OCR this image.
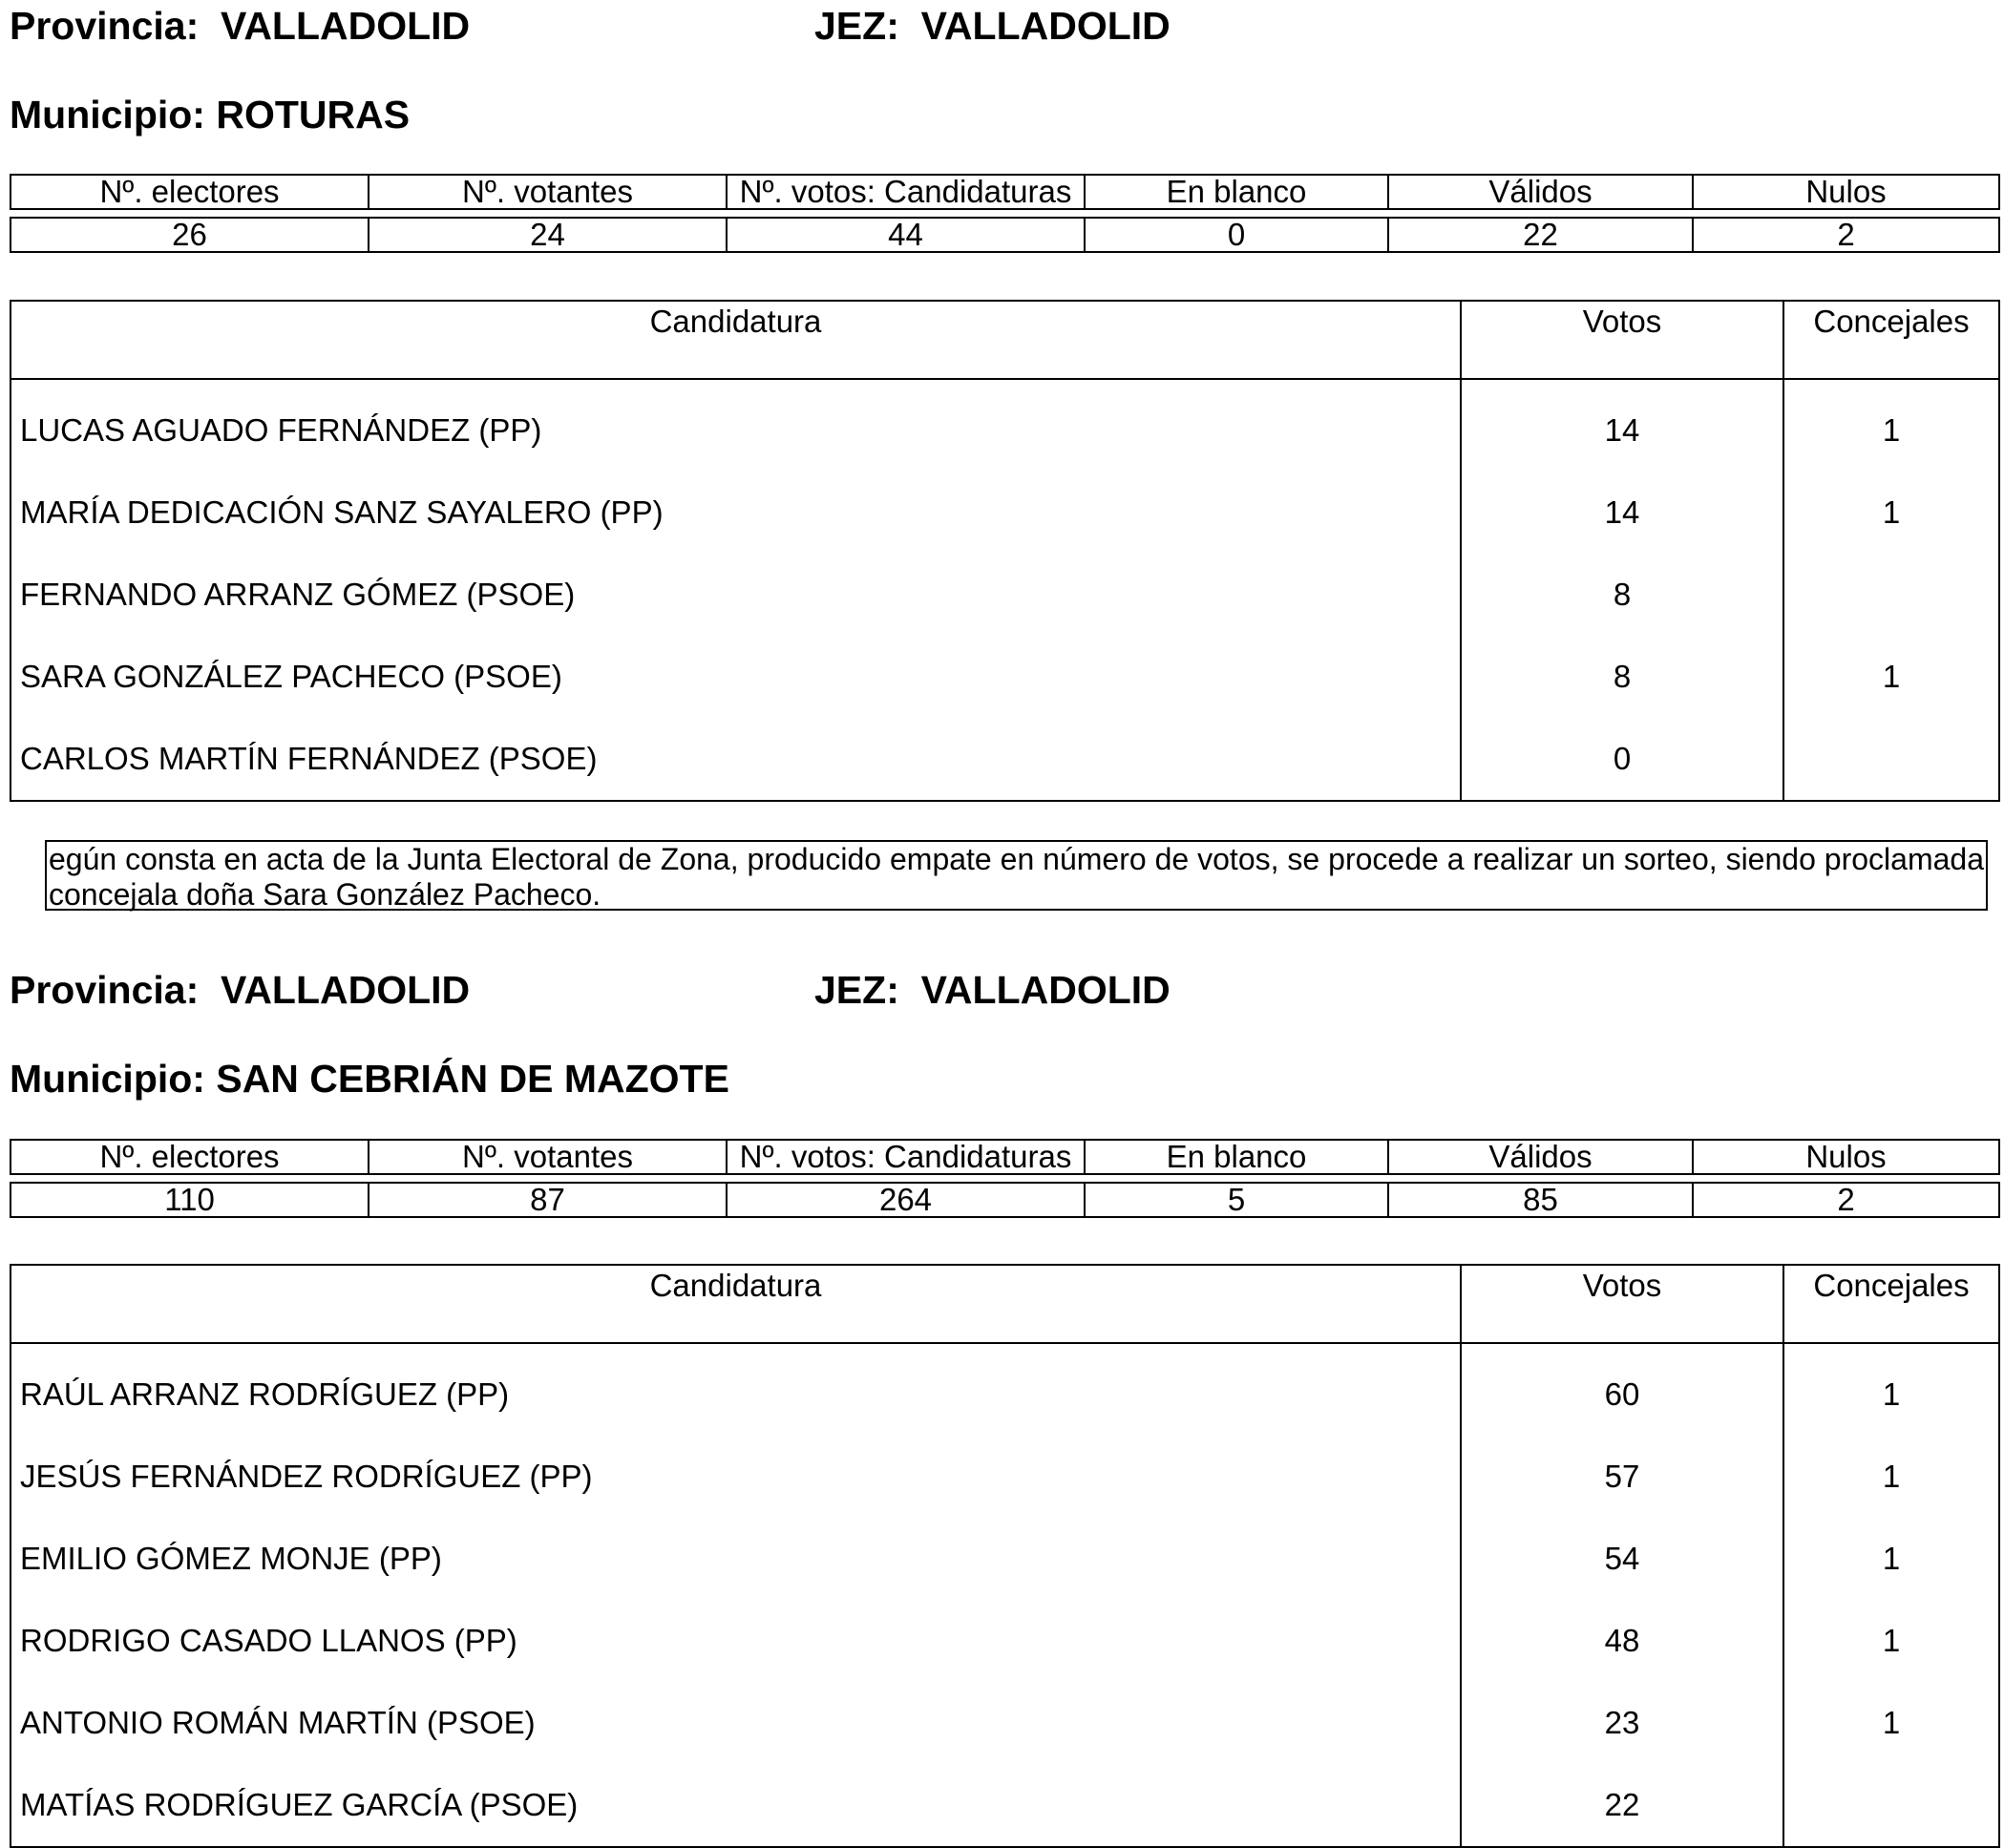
Provincia:  VALLADOLID	JEZ:  VALLADOLID
Municipio: ROTURAS
Nº. electores	Nº. votantes	Nº. votos: Candidaturas	En blanco	Válidos	Nulos
26	24	44	0	22	2
Candidatura	Votos	Concejales
LUCAS AGUADO FERNÁNDEZ (PP)	14	1
MARÍA DEDICACIÓN SANZ SAYALERO (PP)	14	1
FERNANDO ARRANZ GÓMEZ (PSOE)	8	
SARA GONZÁLEZ PACHECO (PSOE)	8	1
CARLOS MARTÍN FERNÁNDEZ (PSOE)	0	
egún consta en acta de la Junta Electoral de Zona, producido empate en número de votos, se procede a realizar un sorteo, siendo proclamada concejala doña Sara González Pacheco.
Provincia:  VALLADOLID	JEZ:  VALLADOLID
Municipio: SAN CEBRIÁN DE MAZOTE
Nº. electores	Nº. votantes	Nº. votos: Candidaturas	En blanco	Válidos	Nulos
110	87	264	5	85	2
Candidatura	Votos	Concejales
RAÚL ARRANZ RODRÍGUEZ (PP)	60	1
JESÚS FERNÁNDEZ RODRÍGUEZ (PP)	57	1
EMILIO GÓMEZ MONJE (PP)	54	1
RODRIGO CASADO LLANOS (PP)	48	1
ANTONIO ROMÁN MARTÍN (PSOE)	23	1
MATÍAS RODRÍGUEZ GARCÍA (PSOE)	22	
